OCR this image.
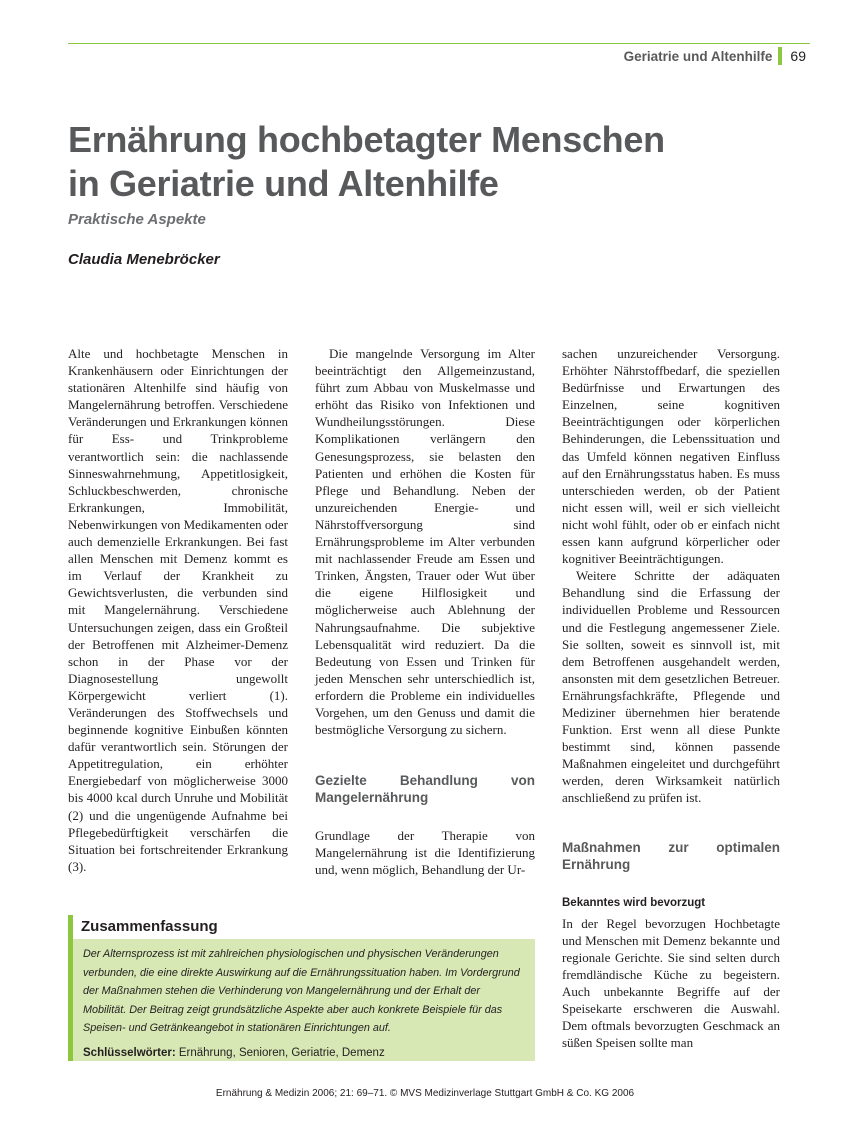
Geriatrie und Altenhilfe 69
Ernährung hochbetagter Menschen
in Geriatrie und Altenhilfe

Praktische Aspekte

Claudia Menebröcker

Alte und hochbetagte Menschen in Krankenhäusern oder Einrichtungen der stationären Altenhilfe sind häufig von Mangelernährung betroffen. Verschiedene Veränderungen und Erkrankungen können für Ess- und Trinkprobleme verantwortlich sein: die nachlassende Sinneswahrnehmung, Appetitlosigkeit, Schluckbeschwerden, chronische Erkrankungen, Immobilität, Nebenwirkungen von Medikamenten oder auch demenzielle Erkrankungen. Bei fast allen Menschen mit Demenz kommt es im Verlauf der Krankheit zu Gewichtsverlusten, die verbunden sind mit Mangelernährung. Verschiedene Untersuchungen zeigen, dass ein Großteil der Betroffenen mit Alzheimer-Demenz schon in der Phase vor der Diagnosestellung ungewollt Körpergewicht verliert (1). Veränderungen des Stoffwechsels und beginnende kognitive Einbußen könnten dafür verantwortlich sein. Störungen der Appetitregulation, ein erhöhter Energiebedarf von möglicherweise 3000 bis 4000 kcal durch Unruhe und Mobilität (2) und die ungenügende Aufnahme bei Pflegebedürftigkeit verschärfen die Situation bei fortschreitender Erkrankung (3).

Die mangelnde Versorgung im Alter beeinträchtigt den Allgemeinzustand, führt zum Abbau von Muskelmasse und erhöht das Risiko von Infektionen und Wundheilungsstörungen. Diese Komplikationen verlängern den Genesungsprozess, sie belasten den Patienten und erhöhen die Kosten für Pflege und Behandlung. Neben der unzureichenden Energie- und Nährstoffversorgung sind Ernährungsprobleme im Alter verbunden mit nachlassender Freude am Essen und Trinken, Ängsten, Trauer oder Wut über die eigene Hilflosigkeit und möglicherweise auch Ablehnung der Nahrungsaufnahme. Die subjektive Lebensqualität wird reduziert. Da die Bedeutung von Essen und Trinken für jeden Menschen sehr unterschiedlich ist, erfordern die Probleme ein individuelles Vorgehen, um den Genuss und damit die bestmögliche Versorgung zu sichern.

Gezielte Behandlung von Mangelernährung

Grundlage der Therapie von Mangelernährung ist die Identifizierung und, wenn möglich, Behandlung der Ur-

sachen unzureichender Versorgung. Erhöhter Nährstoffbedarf, die speziellen Bedürfnisse und Erwartungen des Einzelnen, seine kognitiven Beeinträchtigungen oder körperlichen Behinderungen, die Lebenssituation und das Umfeld können negativen Einfluss auf den Ernährungsstatus haben. Es muss unterschieden werden, ob der Patient nicht essen will, weil er sich vielleicht nicht wohl fühlt, oder ob er einfach nicht essen kann aufgrund körperlicher oder kognitiver Beeinträchtigungen.

Weitere Schritte der adäquaten Behandlung sind die Erfassung der individuellen Probleme und Ressourcen und die Festlegung angemessener Ziele. Sie sollten, soweit es sinnvoll ist, mit dem Betroffenen ausgehandelt werden, ansonsten mit dem gesetzlichen Betreuer. Ernährungsfachkräfte, Pflegende und Mediziner übernehmen hier beratende Funktion. Erst wenn all diese Punkte bestimmt sind, können passende Maßnahmen eingeleitet und durchgeführt werden, deren Wirksamkeit natürlich anschließend zu prüfen ist.

Maßnahmen zur optimalen Ernährung
Bekanntes wird bevorzugt

In der Regel bevorzugen Hochbetagte und Menschen mit Demenz bekannte und regionale Gerichte. Sie sind selten durch fremdländische Küche zu begeistern. Auch unbekannte Begriffe auf der Speisekarte erschweren die Auswahl. Dem oftmals bevorzugten Geschmack an süßen Speisen sollte man

Zusammenfassung
Der Alternsprozess ist mit zahlreichen physiologischen und physischen Veränderungen verbunden, die eine direkte Auswirkung auf die Ernährungssituation haben. Im Vordergrund der Maßnahmen stehen die Verhinderung von Mangelernährung und der Erhalt der Mobilität. Der Beitrag zeigt grundsätzliche Aspekte aber auch konkrete Beispiele für das Speisen- und Getränkeangebot in stationären Einrichtungen auf.
Schlüsselwörter: Ernährung, Senioren, Geriatrie, Demenz
Ernährung & Medizin 2006; 21: 69–71. © MVS Medizinverlage Stuttgart GmbH & Co. KG 2006
